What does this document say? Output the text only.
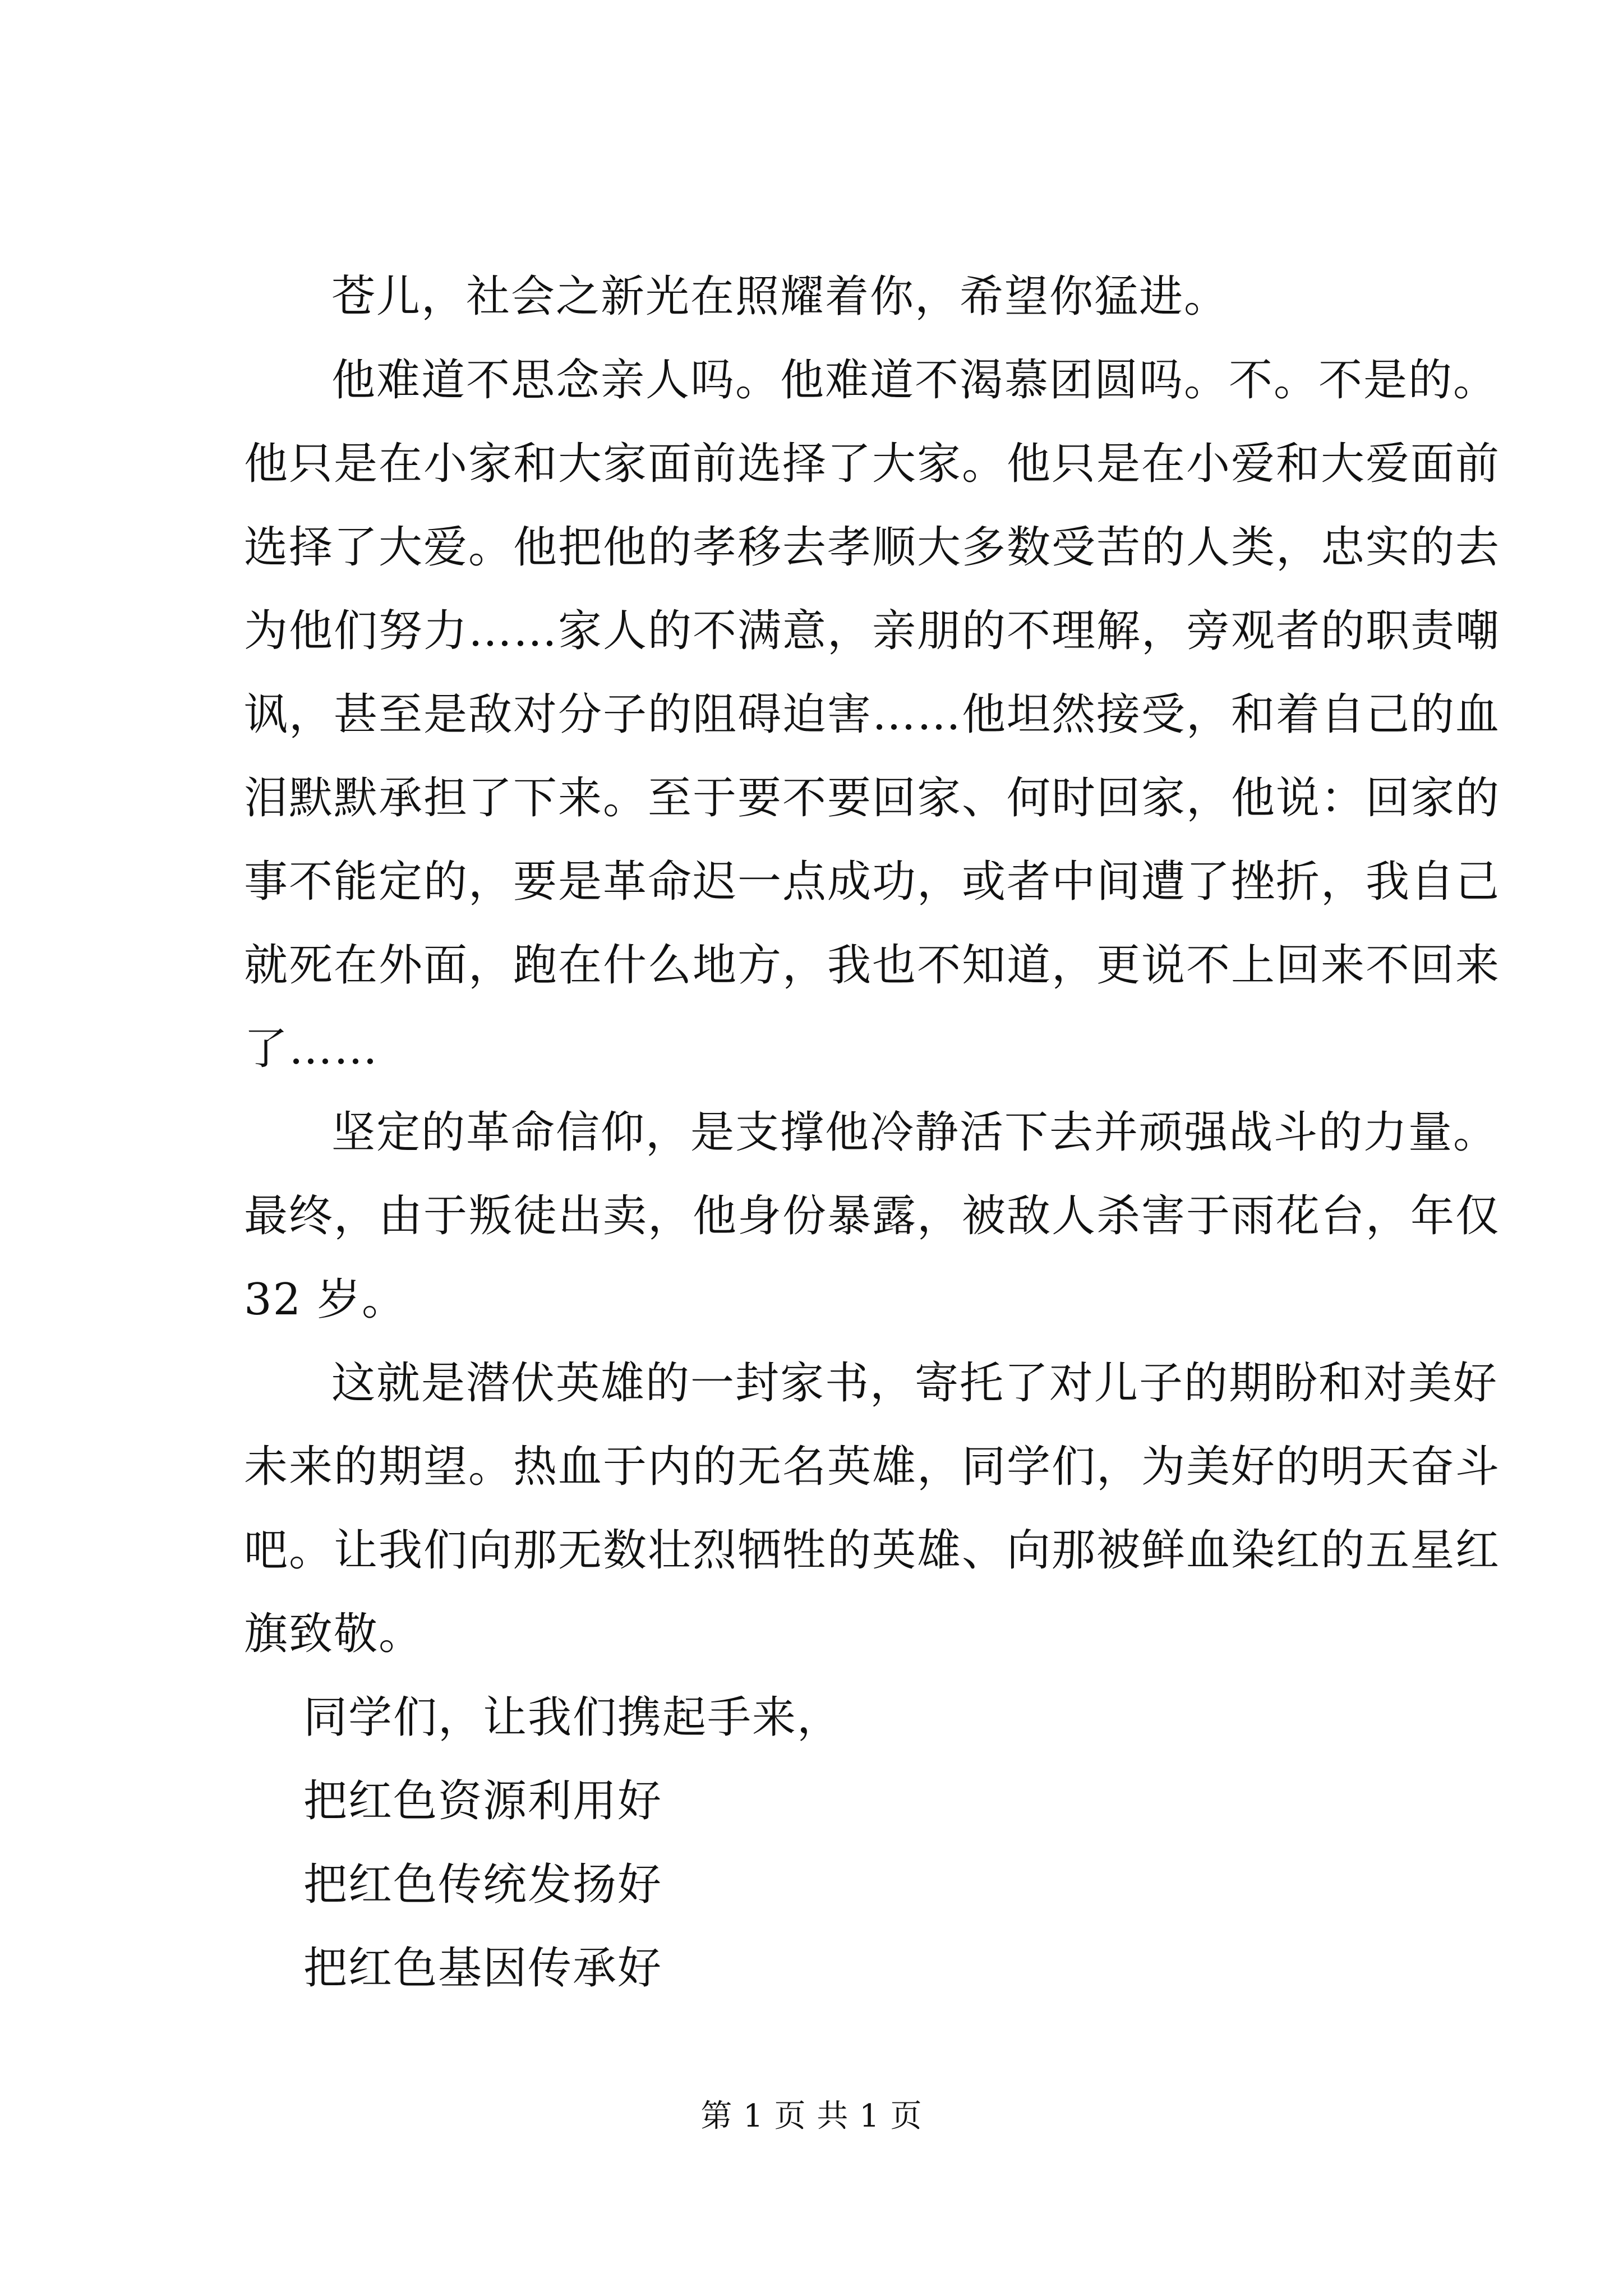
苍儿，社会之新光在照耀着你，希望你猛进。
他难道不思念亲人吗。他难道不渴慕团圆吗。不。不是的。
他只是在小家和大家面前选择了大家。他只是在小爱和大爱面前
选择了大爱。他把他的孝移去孝顺大多数受苦的人类，忠实的去
为他们努力……家人的不满意，亲朋的不理解，旁观者的职责嘲
讽，甚至是敌对分子的阻碍迫害……他坦然接受，和着自己的血
泪默默承担了下来。至于要不要回家、何时回家，他说：回家的
事不能定的，要是革命迟一点成功，或者中间遭了挫折，我自己
就死在外面，跑在什么地方，我也不知道，更说不上回来不回来
了……
坚定的革命信仰，是支撑他冷静活下去并顽强战斗的力量。
最终，由于叛徒出卖，他身份暴露，被敌人杀害于雨花台，年仅
32 岁。
这就是潜伏英雄的一封家书，寄托了对儿子的期盼和对美好
未来的期望。热血于内的无名英雄，同学们，为美好的明天奋斗
吧。让我们向那无数壮烈牺牲的英雄、向那被鲜血染红的五星红
旗致敬。
同学们，让我们携起手来，
把红色资源利用好
把红色传统发扬好
把红色基因传承好
第 1 页 共 1 页
